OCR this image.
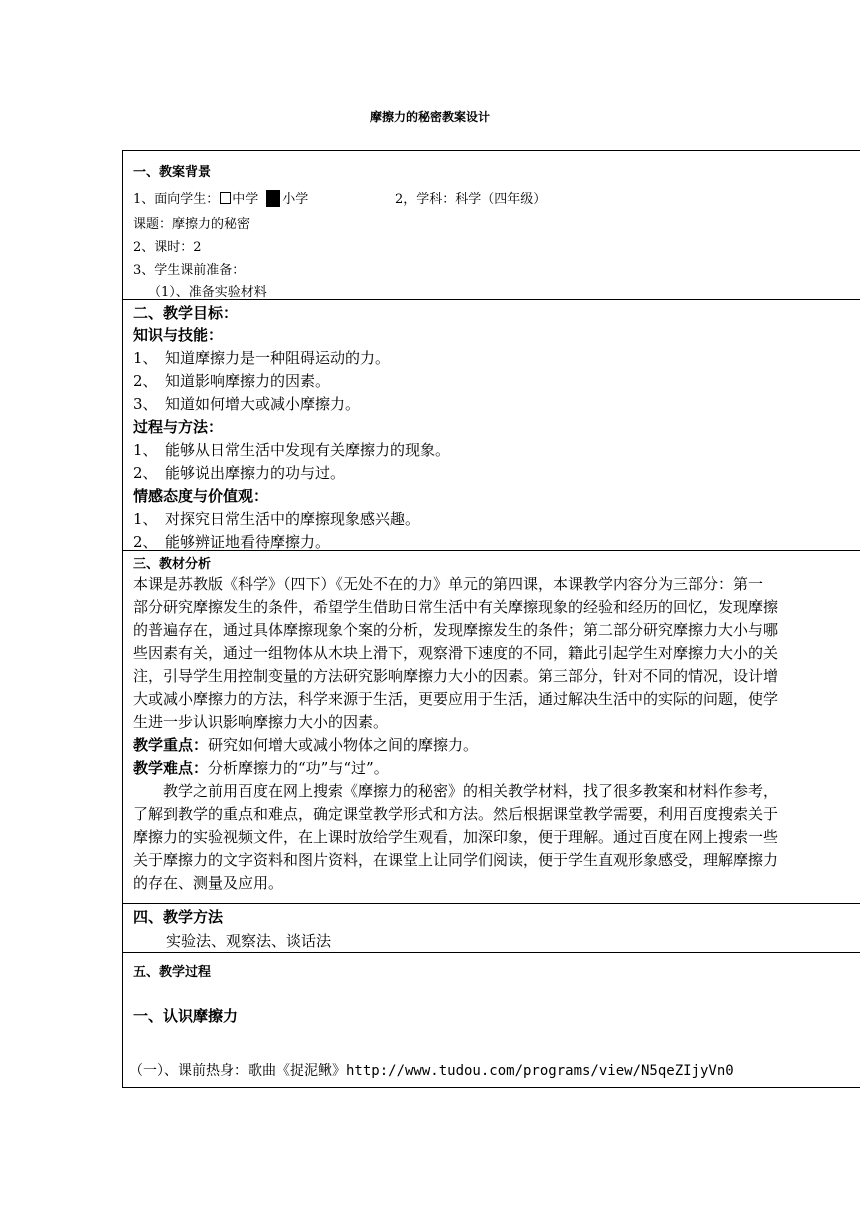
摩擦力的秘密教案设计
一、教案背景
1、面向学生： 中学 小学	2，学科：科学（四年级）
课题：摩擦力的秘密
2、课时：2
3、学生课前准备：
（1）、准备实验材料
二、教学目标：
知识与技能：
1、　知道摩擦力是一种阻碍运动的力。
2、　知道影响摩擦力的因素。
3、　知道如何增大或减小摩擦力。
过程与方法：
1、　能够从日常生活中发现有关摩擦力的现象。
2、　能够说出摩擦力的功与过。
情感态度与价值观：
1、　对探究日常生活中的摩擦现象感兴趣。
2、　能够辨证地看待摩擦力。
三、教材分析
本课是苏教版《科学》（四下）《无处不在的力》单元的第四课，本课教学内容分为三部分：第一
部分研究摩擦发生的条件，希望学生借助日常生活中有关摩擦现象的经验和经历的回忆，发现摩擦
的普遍存在，通过具体摩擦现象个案的分析，发现摩擦发生的条件；第二部分研究摩擦力大小与哪
些因素有关，通过一组物体从木块上滑下，观察滑下速度的不同，籍此引起学生对摩擦力大小的关
注，引导学生用控制变量的方法研究影响摩擦力大小的因素。第三部分，针对不同的情况，设计增
大或减小摩擦力的方法，科学来源于生活，更要应用于生活，通过解决生活中的实际的问题，使学
生进一步认识影响摩擦力大小的因素。
教学重点：研究如何增大或减小物体之间的摩擦力。
教学难点：分析摩擦力的“功”与“过”。
　　教学之前用百度在网上搜索《摩擦力的秘密》的相关教学材料，找了很多教案和材料作参考，
了解到教学的重点和难点，确定课堂教学形式和方法。然后根据课堂教学需要，利用百度搜索关于
摩擦力的实验视频文件，在上课时放给学生观看，加深印象，便于理解。通过百度在网上搜索一些
关于摩擦力的文字资料和图片资料，在课堂上让同学们阅读，便于学生直观形象感受，理解摩擦力
的存在、测量及应用。
四、教学方法
实验法、观察法、谈话法
五、教学过程
一、认识摩擦力
（一）、课前热身：歌曲《捉泥鳅》http://www.tudou.com/programs/view/N5qeZIjyVn0
